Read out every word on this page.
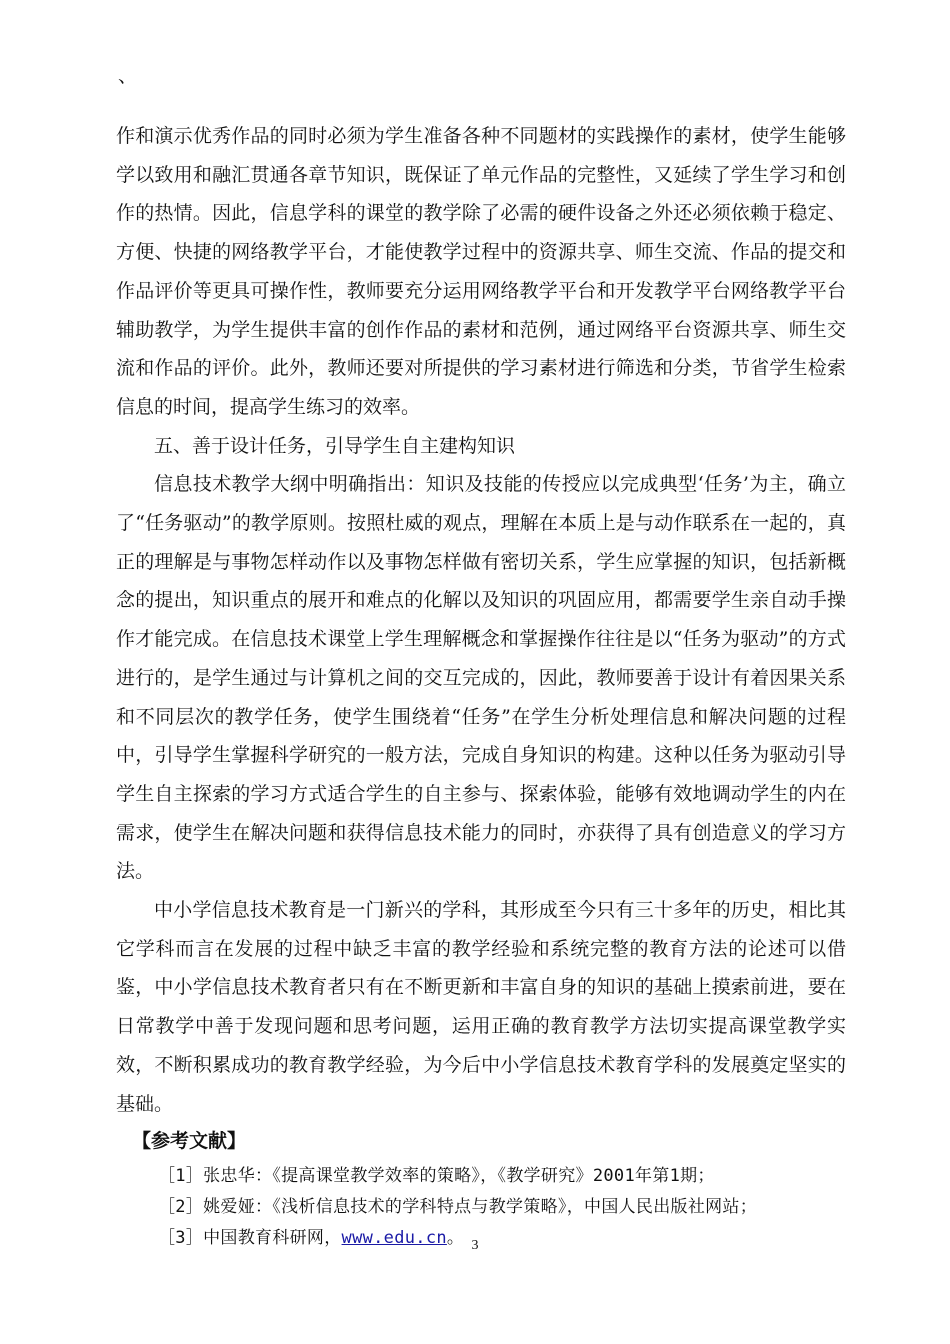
、

作和演示优秀作品的同时必须为学生准备各种不同题材的实践操作的素材，使学生能够学以致用和融汇贯通各章节知识，既保证了单元作品的完整性，又延续了学生学习和创作的热情。因此，信息学科的课堂的教学除了必需的硬件设备之外还必须依赖于稳定、方便、快捷的网络教学平台，才能使教学过程中的资源共享、师生交流、作品的提交和作品评价等更具可操作性，教师要充分运用网络教学平台和开发教学平台网络教学平台辅助教学，为学生提供丰富的创作作品的素材和范例，通过网络平台资源共享、师生交流和作品的评价。此外，教师还要对所提供的学习素材进行筛选和分类，节省学生检索信息的时间，提高学生练习的效率。

五、善于设计任务，引导学生自主建构知识

信息技术教学大纲中明确指出：知识及技能的传授应以完成典型‘任务’为主，确立了“任务驱动”的教学原则。按照杜威的观点，理解在本质上是与动作联系在一起的，真正的理解是与事物怎样动作以及事物怎样做有密切关系，学生应掌握的知识，包括新概念的提出，知识重点的展开和难点的化解以及知识的巩固应用，都需要学生亲自动手操作才能完成。在信息技术课堂上学生理解概念和掌握操作往往是以“任务为驱动”的方式进行的，是学生通过与计算机之间的交互完成的，因此，教师要善于设计有着因果关系和不同层次的教学任务，使学生围绕着“任务”在学生分析处理信息和解决问题的过程中，引导学生掌握科学研究的一般方法，完成自身知识的构建。这种以任务为驱动引导学生自主探索的学习方式适合学生的自主参与、探索体验，能够有效地调动学生的内在需求，使学生在解决问题和获得信息技术能力的同时，亦获得了具有创造意义的学习方法。

中小学信息技术教育是一门新兴的学科，其形成至今只有三十多年的历史，相比其它学科而言在发展的过程中缺乏丰富的教学经验和系统完整的教育方法的论述可以借鉴，中小学信息技术教育者只有在不断更新和丰富自身的知识的基础上摸索前进，要在日常教学中善于发现问题和思考问题，运用正确的教育教学方法切实提高课堂教学实效，不断积累成功的教育教学经验，为今后中小学信息技术教育学科的发展奠定坚实的基础。

【参考文献】

［1］张忠华：《提高课堂教学效率的策略》，《教学研究》2001年第1期；
［2］姚爱娅：《浅析信息技术的学科特点与教学策略》，中国人民出版社网站；
［3］中国教育科研网，www.edu.cn。 3
